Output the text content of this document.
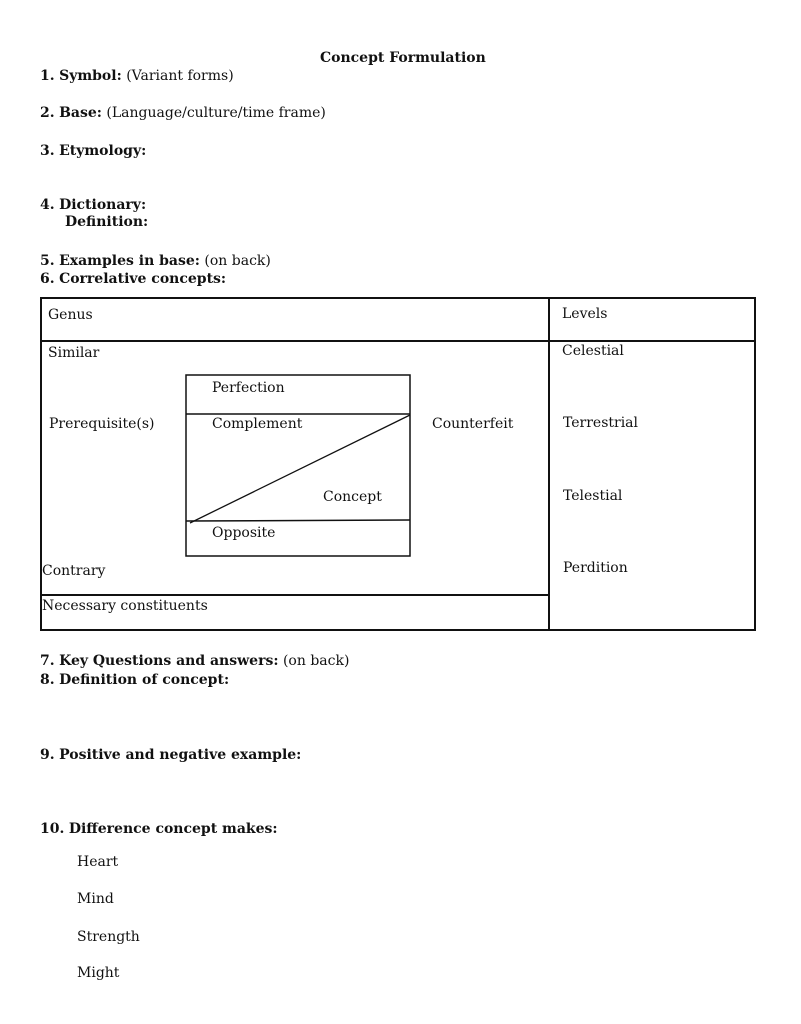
Concept Formulation
1. Symbol: (Variant forms)
2. Base: (Language/culture/time frame)
3. Etymology:
4. Dictionary:
Definition:
5. Examples in base: (on back)
6. Correlative concepts:
Genus
Similar
Prerequisite(s)
Contrary
Necessary constituents
Counterfeit
Levels
Celestial
Terrestrial
Telestial
Perdition
Perfection
Complement
Concept
Opposite
7. Key Questions and answers: (on back)
8. Definition of concept:
9. Positive and negative example:
10. Difference concept makes:
Heart
Mind
Strength
Might
